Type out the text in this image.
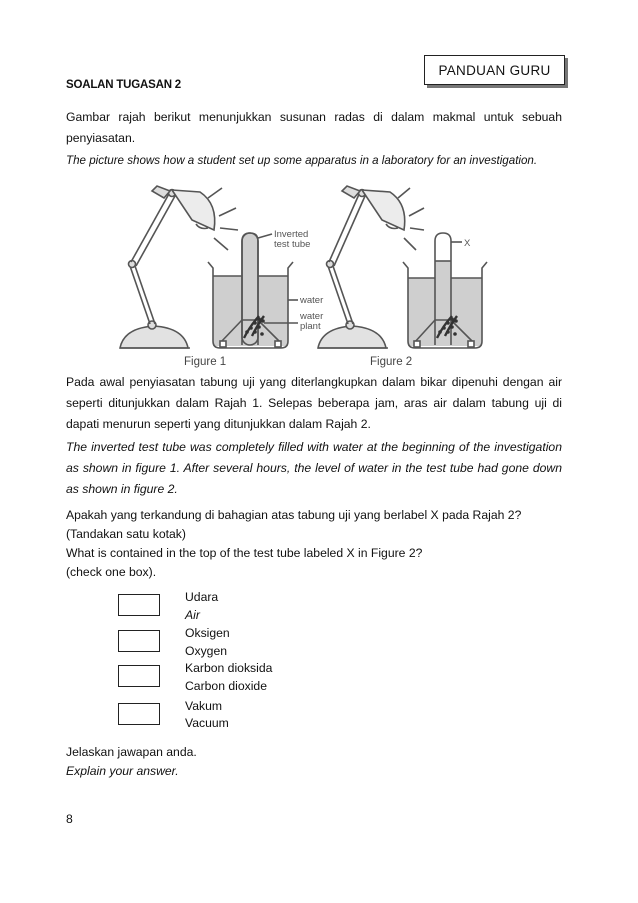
PANDUAN GURU
SOALAN TUGASAN 2
Gambar rajah berikut menunjukkan susunan radas di dalam makmal untuk sebuah penyiasatan.
The picture shows how a student set up some apparatus in a laboratory for an investigation.
Inverted
test tube
water
water
plant
X
Figure 1	Figure 2
Pada awal penyiasatan tabung uji yang diterlangkupkan dalam bikar dipenuhi dengan air seperti ditunjukkan dalam Rajah 1. Selepas beberapa jam, aras air dalam tabung uji di dapati menurun seperti yang ditunjukkan dalam Rajah 2.
The inverted test tube was completely filled with water at the beginning of the investigation as shown in figure 1. After several hours, the level of water in the test tube had gone down as shown in figure 2.
Apakah yang terkandung di bahagian atas tabung uji yang berlabel X pada Rajah 2?
(Tandakan satu kotak)
What is contained in the top of the test tube labeled X in Figure 2?
(check one box).
Udara
Air
Oksigen
Oxygen
Karbon dioksida
Carbon dioxide
Vakum
Vacuum
Jelaskan jawapan anda.
Explain your answer.
8
